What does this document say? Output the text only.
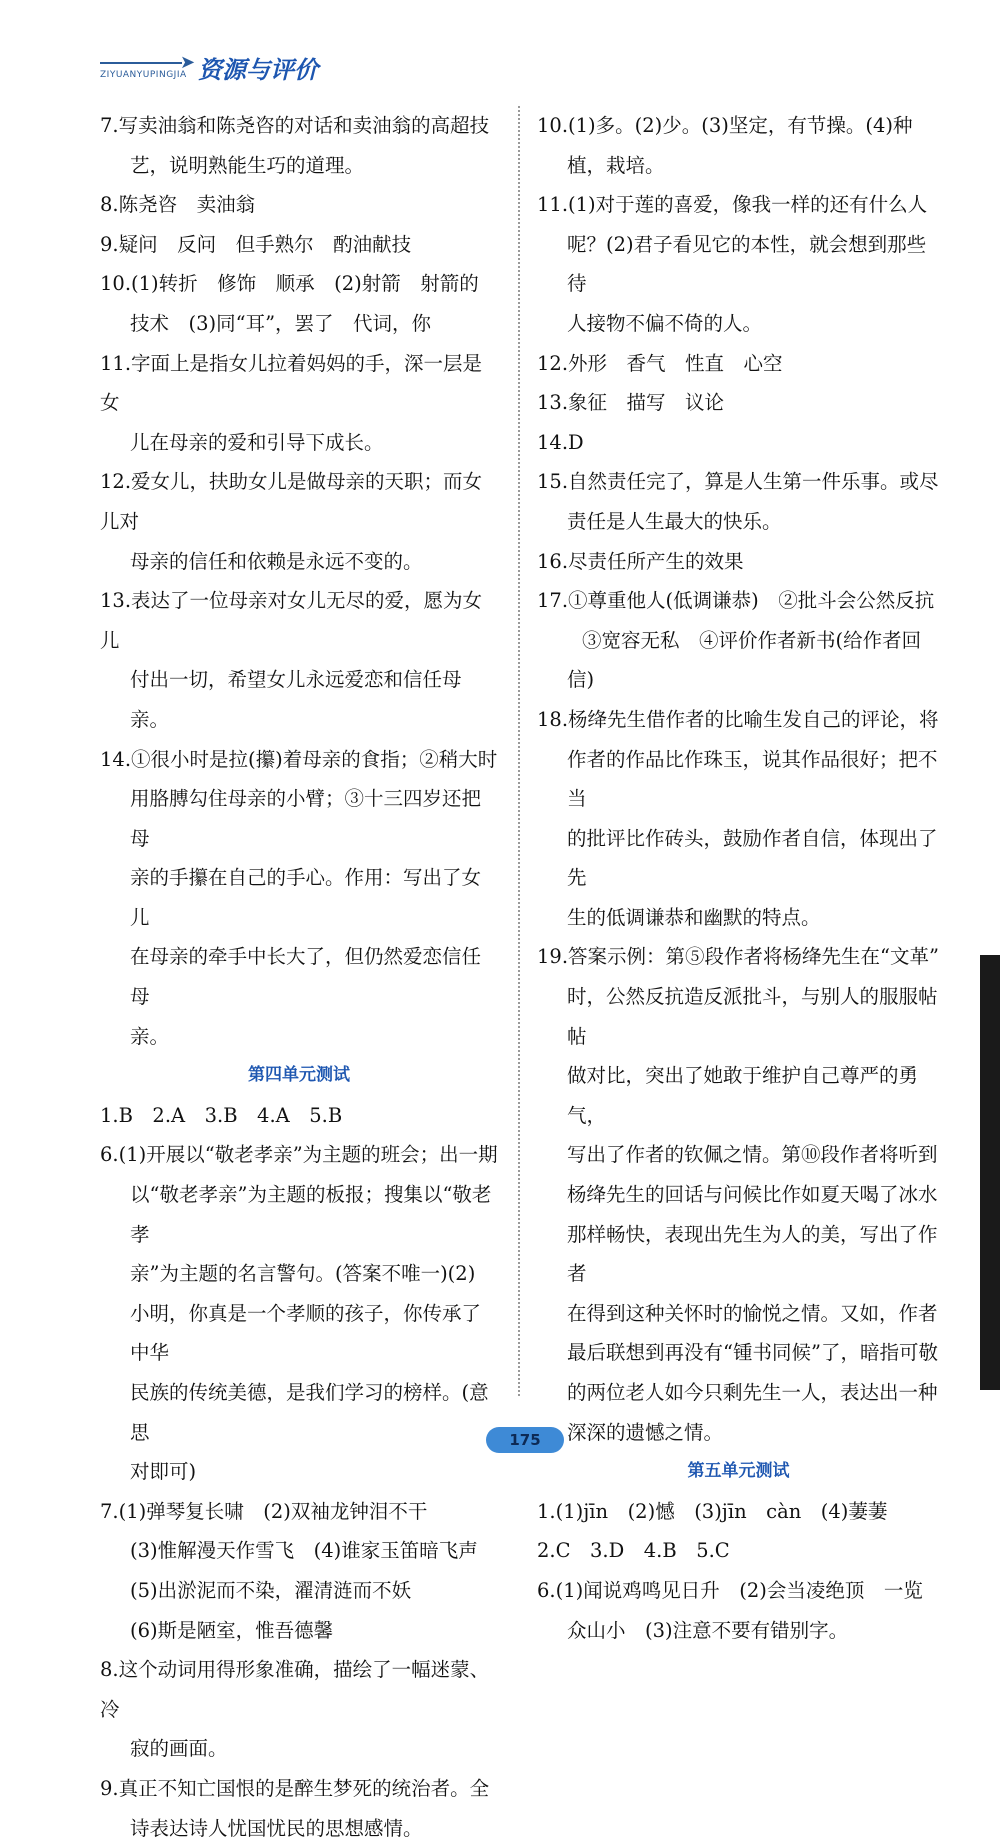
➤ 资源与评价
ZIYUANYUPINGJIA
7.写卖油翁和陈尧咨的对话和卖油翁的高超技
艺，说明熟能生巧的道理。
8.陈尧咨　卖油翁
9.疑问　反问　但手熟尔　酌油献技
10.(1)转折　修饰　顺承　(2)射箭　射箭的
技术　(3)同“耳”，罢了　代词，你
11.字面上是指女儿拉着妈妈的手，深一层是女
儿在母亲的爱和引导下成长。
12.爱女儿，扶助女儿是做母亲的天职；而女儿对
母亲的信任和依赖是永远不变的。
13.表达了一位母亲对女儿无尽的爱，愿为女儿
付出一切，希望女儿永远爱恋和信任母亲。
14.①很小时是拉(攥)着母亲的食指；②稍大时
用胳膊勾住母亲的小臂；③十三四岁还把母
亲的手攥在自己的手心。作用：写出了女儿
在母亲的牵手中长大了，但仍然爱恋信任母
亲。
第四单元测试
1.B　2.A　3.B　4.A　5.B
6.(1)开展以“敬老孝亲”为主题的班会；出一期
以“敬老孝亲”为主题的板报；搜集以“敬老孝
亲”为主题的名言警句。(答案不唯一)(2)
小明，你真是一个孝顺的孩子，你传承了中华
民族的传统美德，是我们学习的榜样。(意思
对即可)
7.(1)弹琴复长啸　(2)双袖龙钟泪不干
(3)惟解漫天作雪飞　(4)谁家玉笛暗飞声
(5)出淤泥而不染，濯清涟而不妖
(6)斯是陋室，惟吾德馨
8.这个动词用得形象准确，描绘了一幅迷蒙、冷
寂的画面。
9.真正不知亡国恨的是醉生梦死的统治者。全
诗表达诗人忧国忧民的思想感情。
10.(1)多。(2)少。(3)坚定，有节操。(4)种
植，栽培。
11.(1)对于莲的喜爱，像我一样的还有什么人
呢？(2)君子看见它的本性，就会想到那些待
人接物不偏不倚的人。
12.外形　香气　性直　心空
13.象征　描写　议论
14.D
15.自然责任完了，算是人生第一件乐事。或尽
责任是人生最大的快乐。
16.尽责任所产生的效果
17.①尊重他人(低调谦恭)　②批斗会公然反抗
③宽容无私　④评价作者新书(给作者回
信)
18.杨绛先生借作者的比喻生发自己的评论，将
作者的作品比作珠玉，说其作品很好；把不当
的批评比作砖头，鼓励作者自信，体现出了先
生的低调谦恭和幽默的特点。
19.答案示例：第⑤段作者将杨绛先生在“文革”
时，公然反抗造反派批斗，与别人的服服帖帖
做对比，突出了她敢于维护自己尊严的勇气，
写出了作者的钦佩之情。第⑩段作者将听到
杨绛先生的回话与问候比作如夏天喝了冰水
那样畅快，表现出先生为人的美，写出了作者
在得到这种关怀时的愉悦之情。又如，作者
最后联想到再没有“锺书同候”了，暗指可敬
的两位老人如今只剩先生一人，表达出一种
深深的遗憾之情。
第五单元测试
1.(1)jīn　(2)憾　(3)jīn　càn　(4)萋萋
2.C　3.D　4.B　5.C
6.(1)闻说鸡鸣见日升　(2)会当凌绝顶　一览
众山小　(3)注意不要有错别字。
175
